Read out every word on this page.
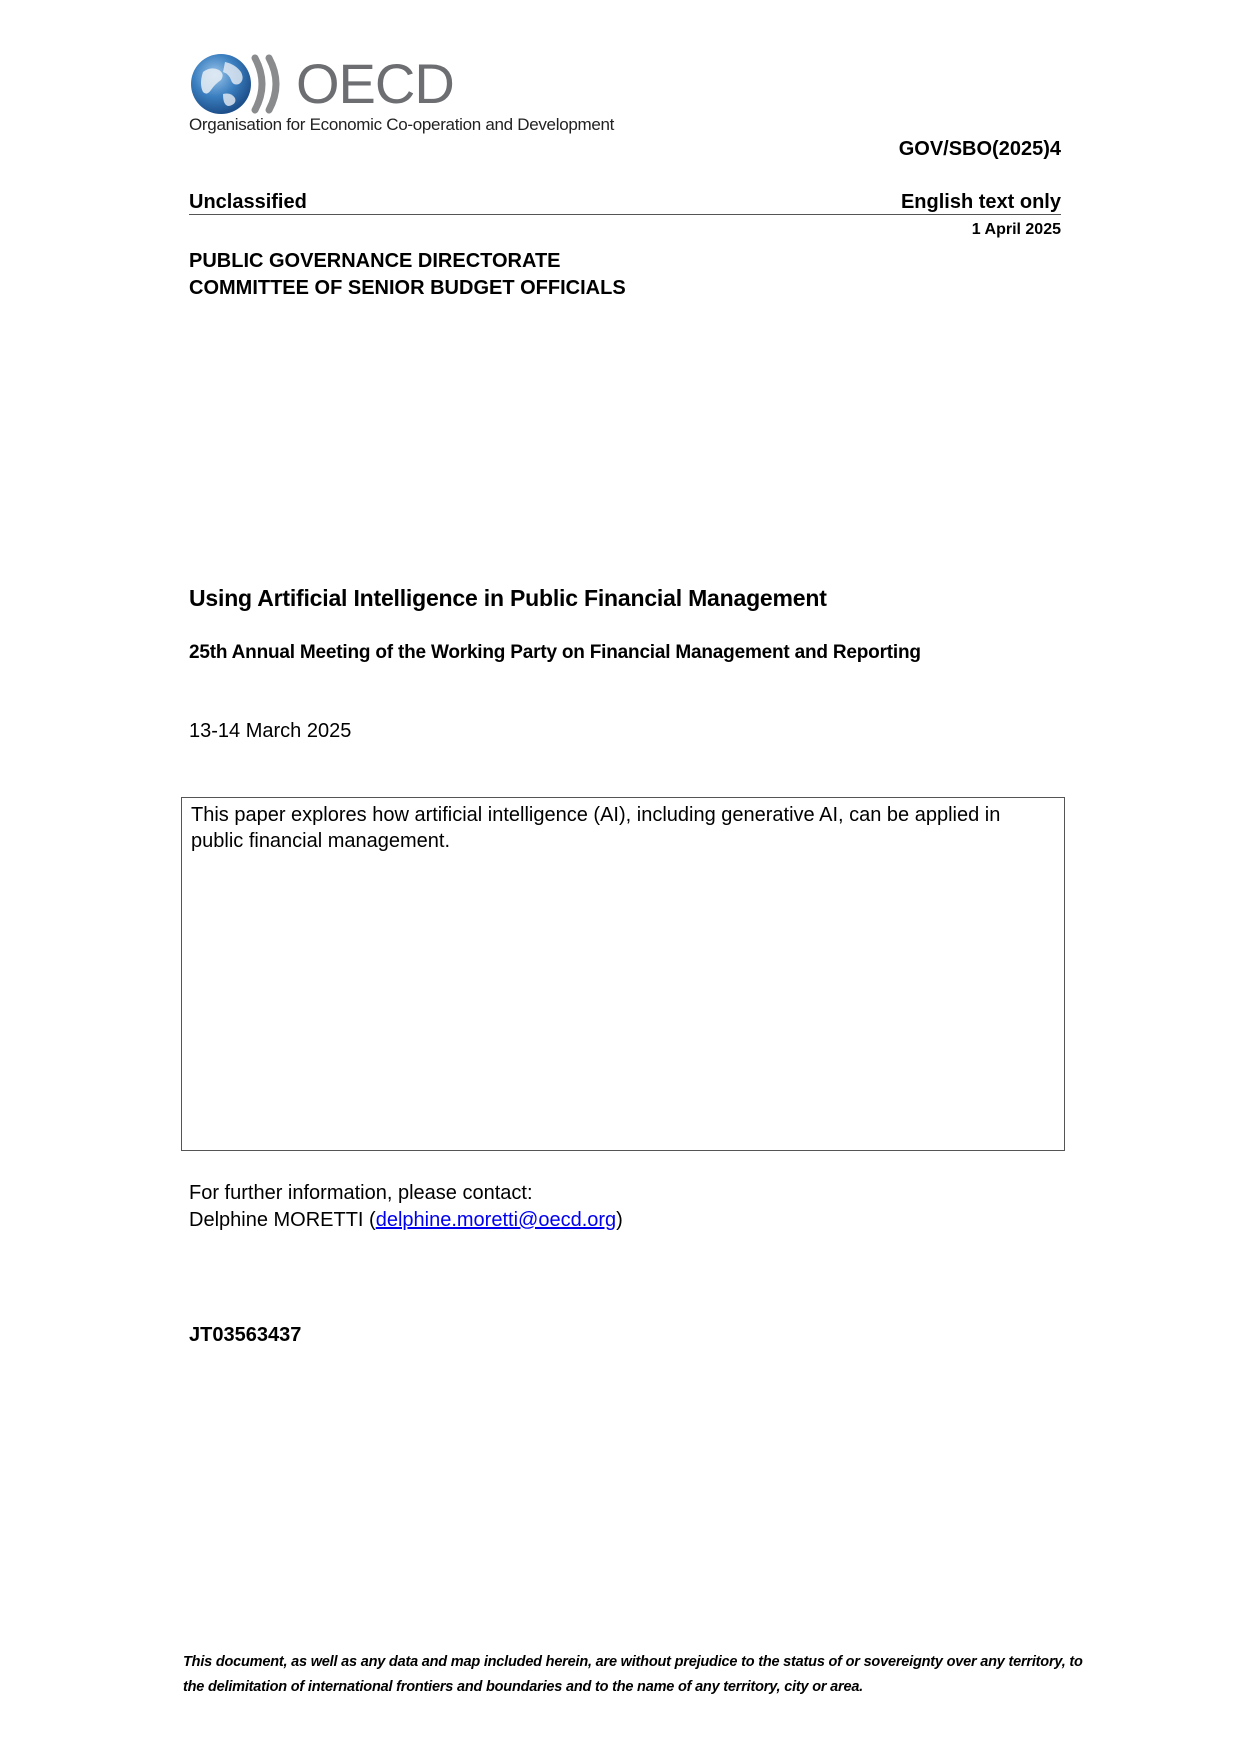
OECD
Organisation for Economic Co-operation and Development
GOV/SBO(2025)4
Unclassified	English text only
1 April 2025
PUBLIC GOVERNANCE DIRECTORATE
COMMITTEE OF SENIOR BUDGET OFFICIALS
Using Artificial Intelligence in Public Financial Management
25th Annual Meeting of the Working Party on Financial Management and Reporting
13-14 March 2025
This paper explores how artificial intelligence (AI), including generative AI, can be applied in public financial management.
For further information, please contact:
Delphine MORETTI (delphine.moretti@oecd.org)
JT03563437
This document, as well as any data and map included herein, are without prejudice to the status of or sovereignty over any territory, to the delimitation of international frontiers and boundaries and to the name of any territory, city or area.
